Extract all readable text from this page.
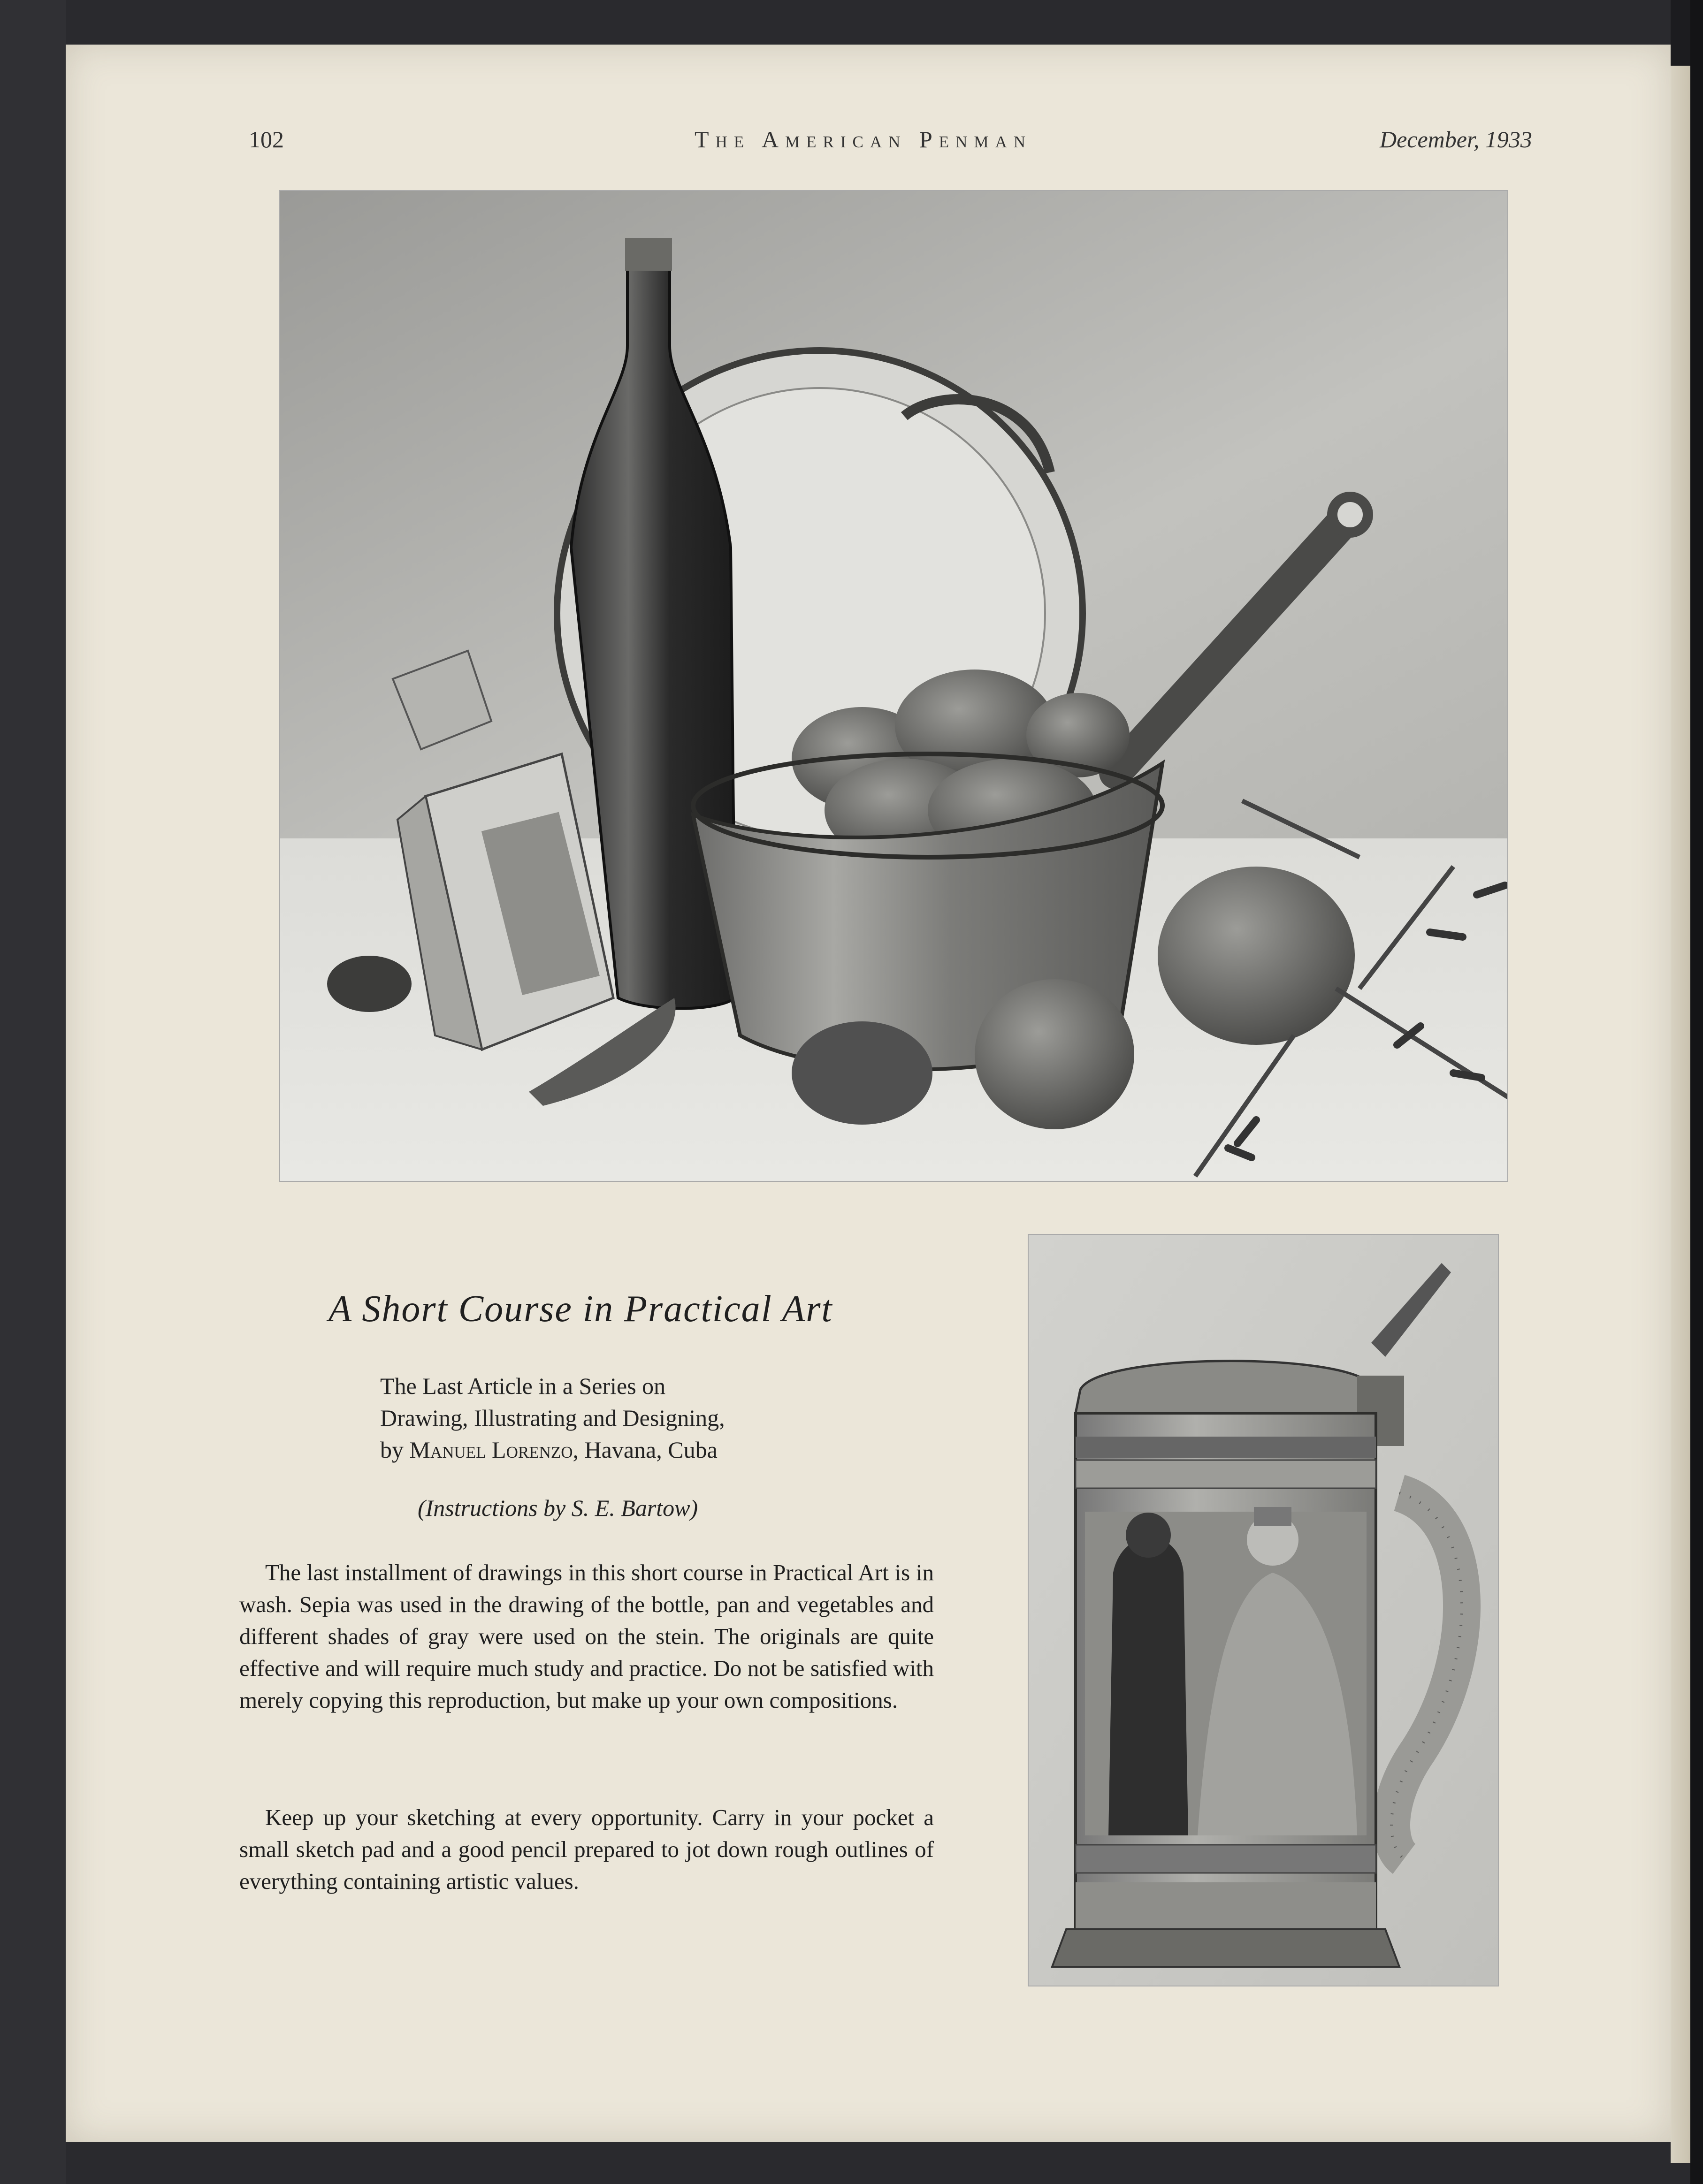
102	The American Penman	December, 1933
A Short Course in Practical Art
The Last Article in a Series on
Drawing, Illustrating and Designing,
by Manuel Lorenzo, Havana, Cuba
(Instructions by S. E. Bartow)
The last installment of drawings in this short course in Practical Art is in wash. Sepia was used in the drawing of the bottle, pan and vegetables and different shades of gray were used on the stein. The originals are quite effective and will require much study and practice. Do not be satisfied with merely copying this reproduction, but make up your own compositions.
Keep up your sketching at every opportunity. Carry in your pocket a small sketch pad and a good pencil prepared to jot down rough outlines of everything containing artistic values.
